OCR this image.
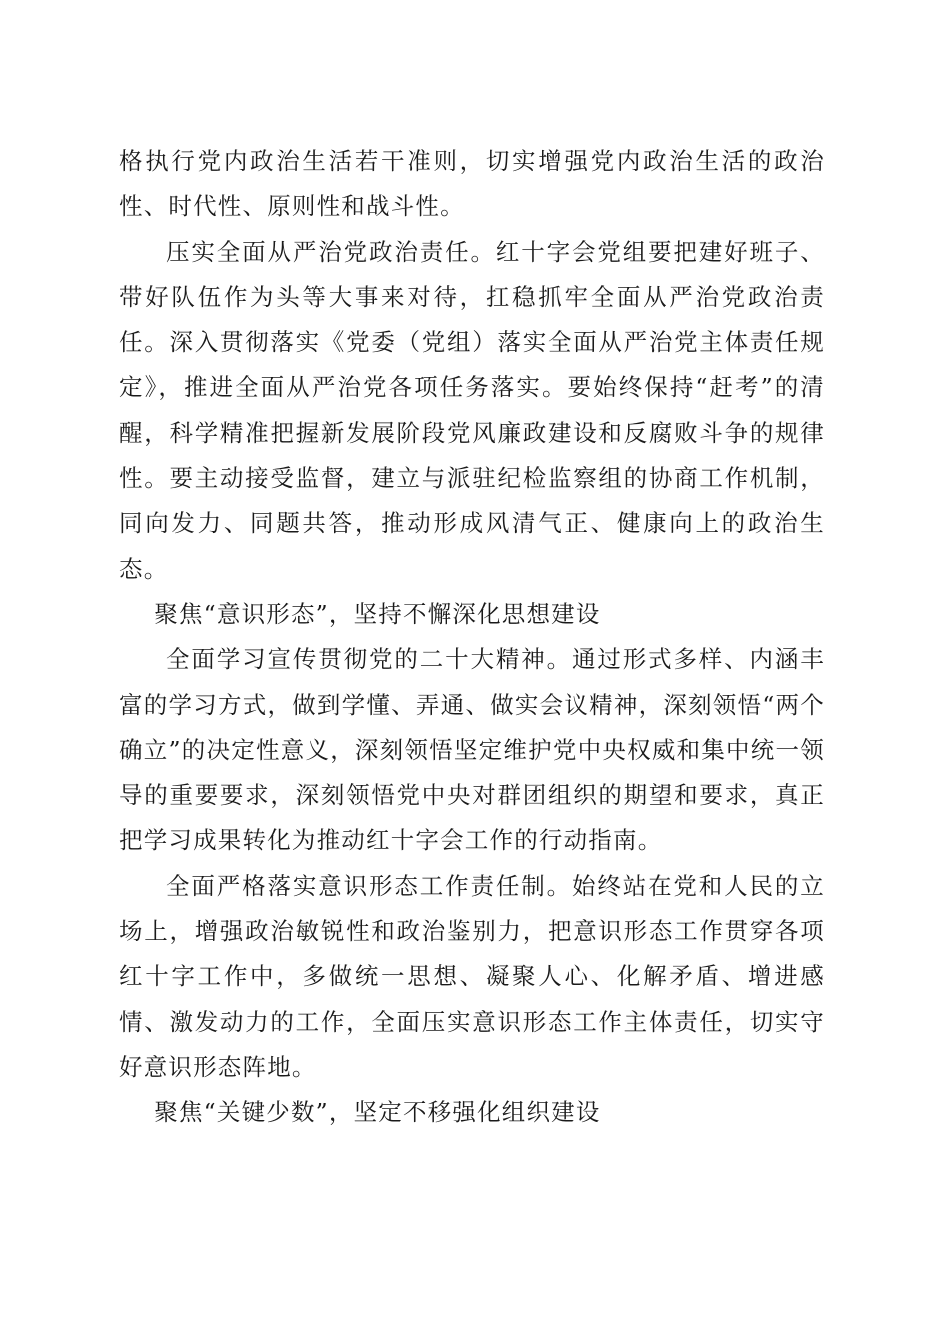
格执行党内政治生活若干准则，切实增强党内政治生活的政治性、时代性、原则性和战斗性。

压实全面从严治党政治责任。红十字会党组要把建好班子、带好队伍作为头等大事来对待，扛稳抓牢全面从严治党政治责任。深入贯彻落实《党委（党组）落实全面从严治党主体责任规定》，推进全面从严治党各项任务落实。要始终保持“赶考”的清醒，科学精准把握新发展阶段党风廉政建设和反腐败斗争的规律性。要主动接受监督，建立与派驻纪检监察组的协商工作机制，同向发力、同题共答，推动形成风清气正、健康向上的政治生态。

聚焦“意识形态”，坚持不懈深化思想建设

全面学习宣传贯彻党的二十大精神。通过形式多样、内涵丰富的学习方式，做到学懂、弄通、做实会议精神，深刻领悟“两个确立”的决定性意义，深刻领悟坚定维护党中央权威和集中统一领导的重要要求，深刻领悟党中央对群团组织的期望和要求，真正把学习成果转化为推动红十字会工作的行动指南。

全面严格落实意识形态工作责任制。始终站在党和人民的立场上，增强政治敏锐性和政治鉴别力，把意识形态工作贯穿各项红十字工作中，多做统一思想、凝聚人心、化解矛盾、增进感情、激发动力的工作，全面压实意识形态工作主体责任，切实守好意识形态阵地。

聚焦“关键少数”，坚定不移强化组织建设
